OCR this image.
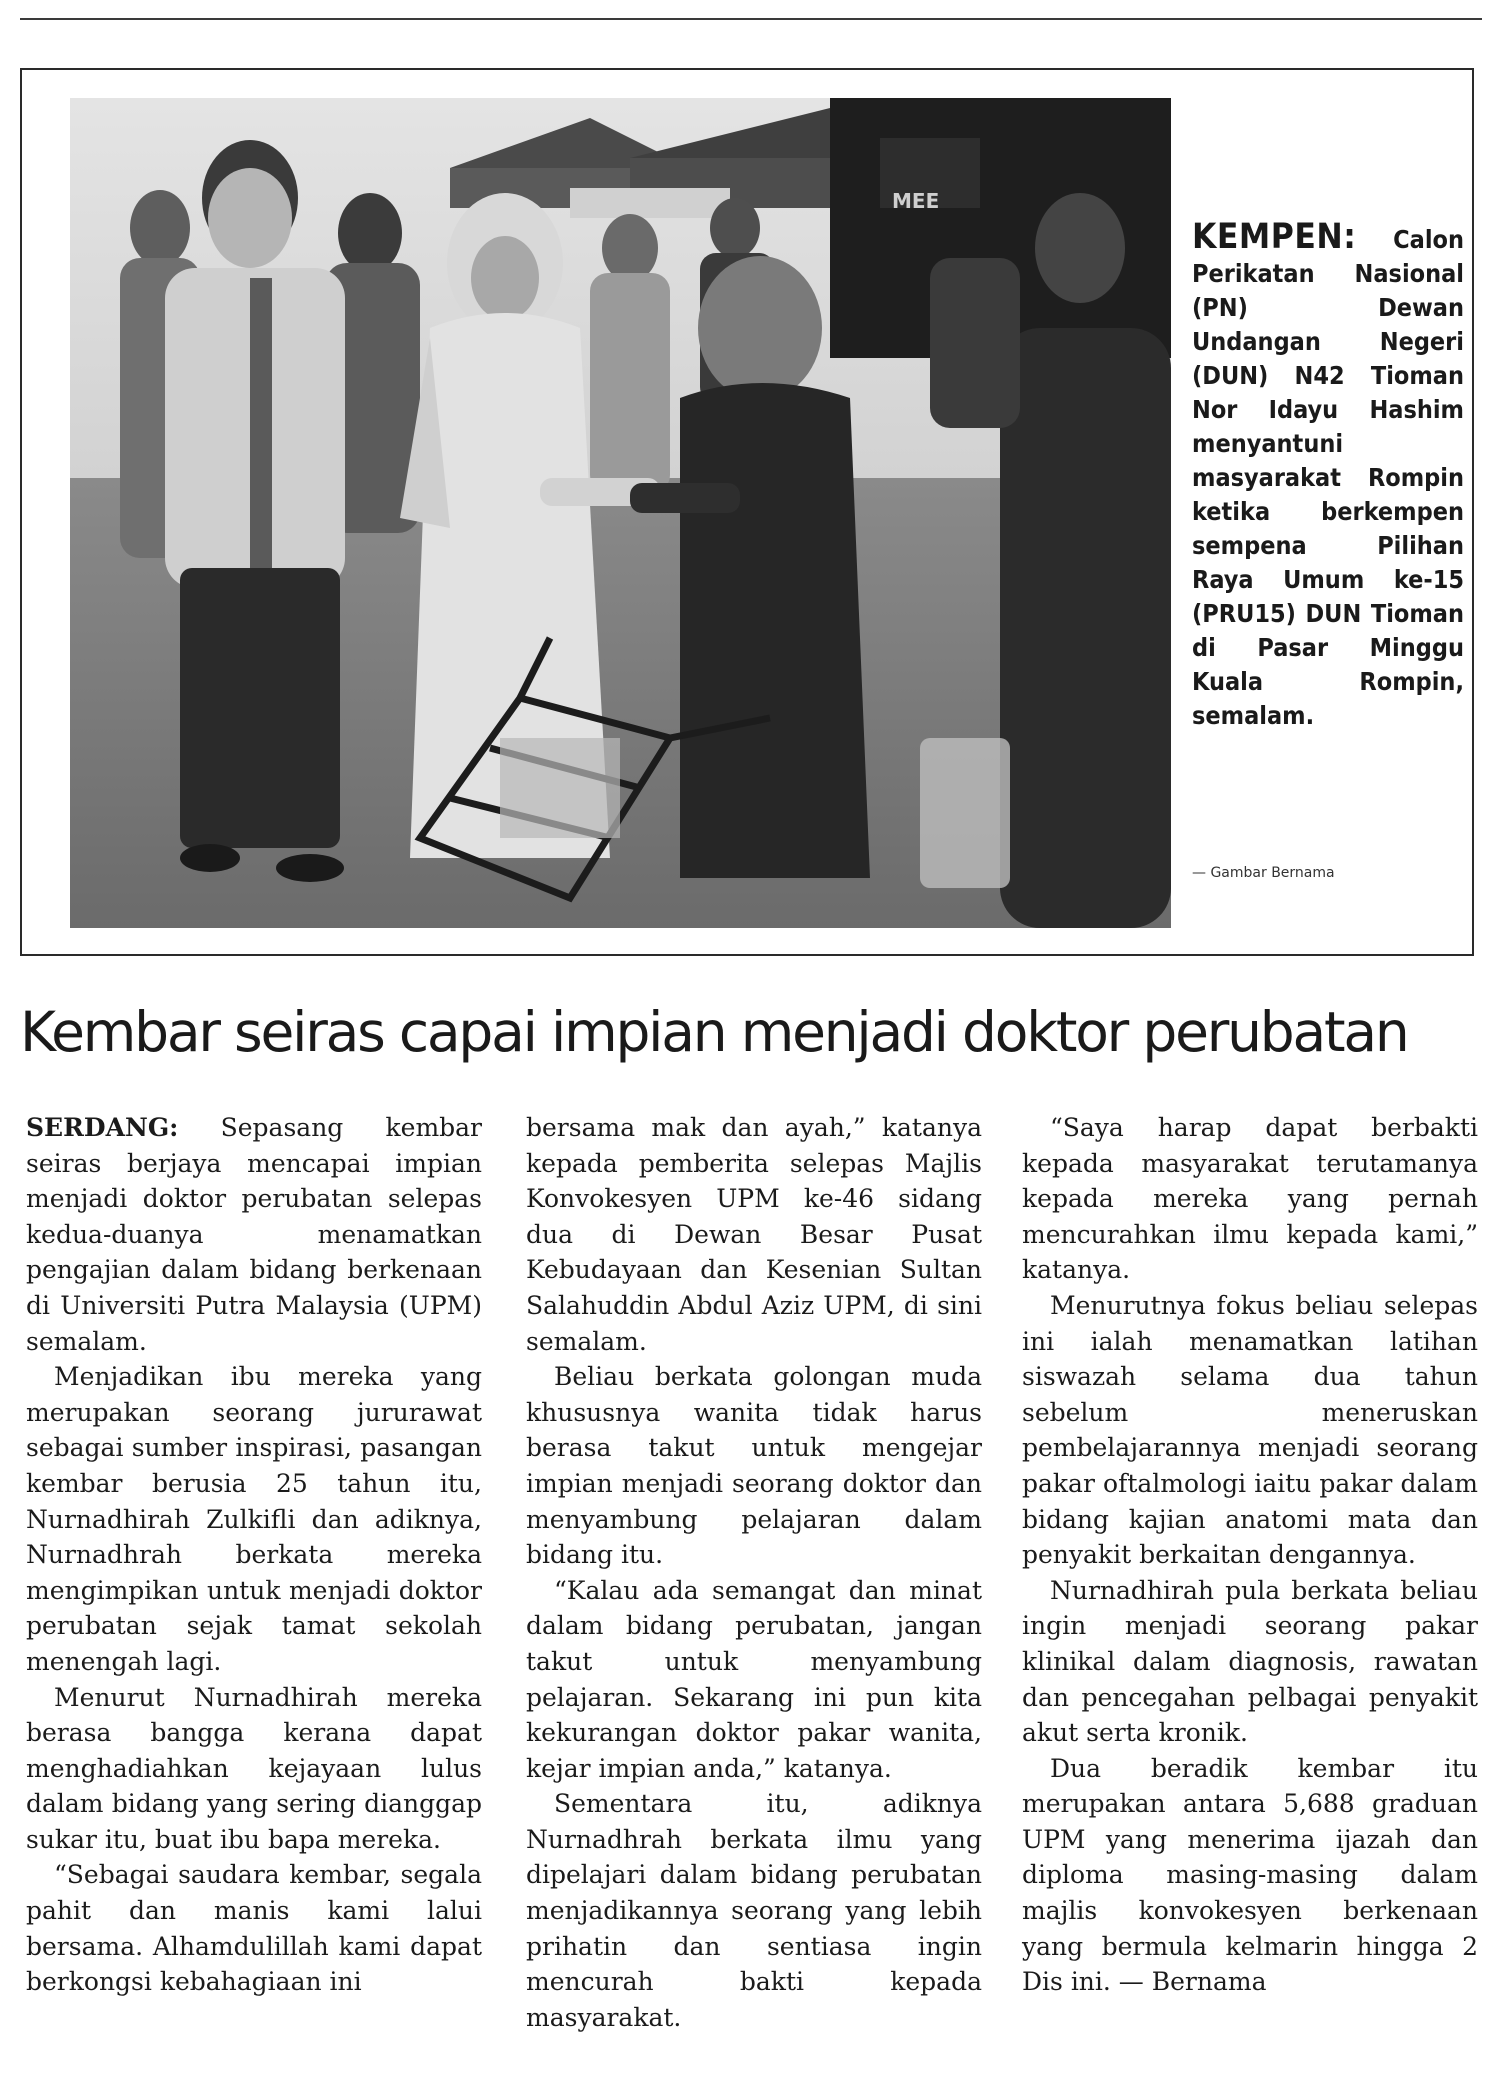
MEE
KEMPEN: Calon Perikatan Nasional (PN) Dewan Undangan Negeri (DUN) N42 Tioman Nor Idayu Hashim menyantuni masyarakat Rompin ketika berkempen sempena Pilihan Raya Umum ke-15 (PRU15) DUN Tioman di Pasar Minggu Kuala Rompin, semalam.
— Gambar Bernama
Kembar seiras capai impian menjadi doktor perubatan

SERDANG: Sepasang kembar seiras berjaya mencapai impian menjadi doktor perubatan selepas kedua-duanya menamatkan pengajian dalam bidang berkenaan di Universiti Putra Malaysia (UPM) semalam.

Menjadikan ibu mereka yang merupakan seorang jururawat sebagai sumber inspirasi, pasangan kembar berusia 25 tahun itu, Nurnadhirah Zulkifli dan adiknya, Nurnadhrah berkata mereka mengimpikan untuk menjadi doktor perubatan sejak tamat sekolah menengah lagi.

Menurut Nurnadhirah mereka berasa bangga kerana dapat menghadiahkan kejayaan lulus dalam bidang yang sering dianggap sukar itu, buat ibu bapa mereka.

“Sebagai saudara kembar, segala pahit dan manis kami lalui bersama. Alhamdulillah kami dapat berkongsi kebahagiaan ini

bersama mak dan ayah,” katanya kepada pemberita selepas Majlis Konvokesyen UPM ke-46 sidang dua di Dewan Besar Pusat Kebudayaan dan Kesenian Sultan Salahuddin Abdul Aziz UPM, di sini semalam.

Beliau berkata golongan muda khususnya wanita tidak harus berasa takut untuk mengejar impian menjadi seorang doktor dan menyambung pelajaran dalam bidang itu.

“Kalau ada semangat dan minat dalam bidang perubatan, jangan takut untuk menyambung pelajaran. Sekarang ini pun kita kekurangan doktor pakar wanita, kejar impian anda,” katanya.

Sementara itu, adiknya Nurnadhrah berkata ilmu yang dipelajari dalam bidang perubatan menjadikannya seorang yang lebih prihatin dan sentiasa ingin mencurah bakti kepada masyarakat.

“Saya harap dapat berbakti kepada masyarakat terutamanya kepada mereka yang pernah mencurahkan ilmu kepada kami,” katanya.

Menurutnya fokus beliau selepas ini ialah menamatkan latihan siswazah selama dua tahun sebelum meneruskan pembelajarannya menjadi seorang pakar oftalmologi iaitu pakar dalam bidang kajian anatomi mata dan penyakit berkaitan dengannya.

Nurnadhirah pula berkata beliau ingin menjadi seorang pakar klinikal dalam diagnosis, rawatan dan pencegahan pelbagai penyakit akut serta kronik.

Dua beradik kembar itu merupakan antara 5,688 graduan UPM yang menerima ijazah dan diploma masing-masing dalam majlis konvokesyen berkenaan yang bermula kelmarin hingga 2 Dis ini. — Bernama
